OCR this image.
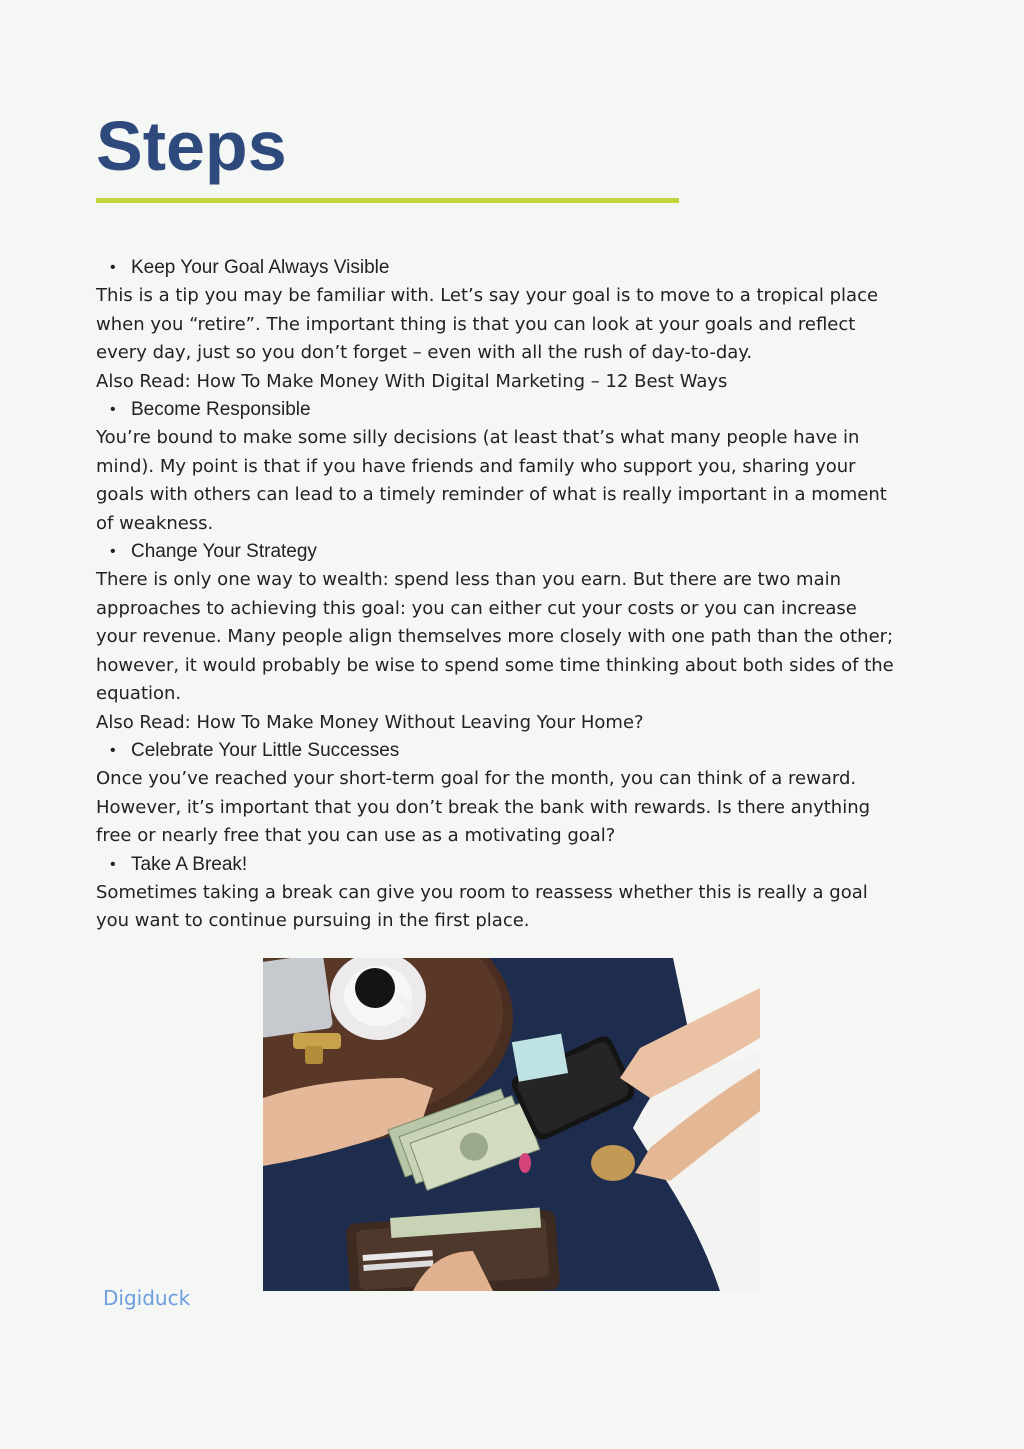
Steps
• Keep Your Goal Always Visible

This is a tip you may be familiar with. Let’s say your goal is to move to a tropical place when you “retire”. The important thing is that you can look at your goals and reflect every day, just so you don’t forget – even with all the rush of day-to-day.

Also Read: How To Make Money With Digital Marketing – 12 Best Ways

• Become Responsible

You’re bound to make some silly decisions (at least that’s what many people have in mind). My point is that if you have friends and family who support you, sharing your goals with others can lead to a timely reminder of what is really important in a moment of weakness.

• Change Your Strategy

There is only one way to wealth: spend less than you earn. But there are two main approaches to achieving this goal: you can either cut your costs or you can increase your revenue. Many people align themselves more closely with one path than the other; however, it would probably be wise to spend some time thinking about both sides of the equation.

Also Read: How To Make Money Without Leaving Your Home?

• Celebrate Your Little Successes

Once you’ve reached your short-term goal for the month, you can think of a reward. However, it’s important that you don’t break the bank with rewards. Is there anything free or nearly free that you can use as a motivating goal?

• Take A Break!

Sometimes taking a break can give you room to reassess whether this is really a goal you want to continue pursuing in the first place.

Digiduck
